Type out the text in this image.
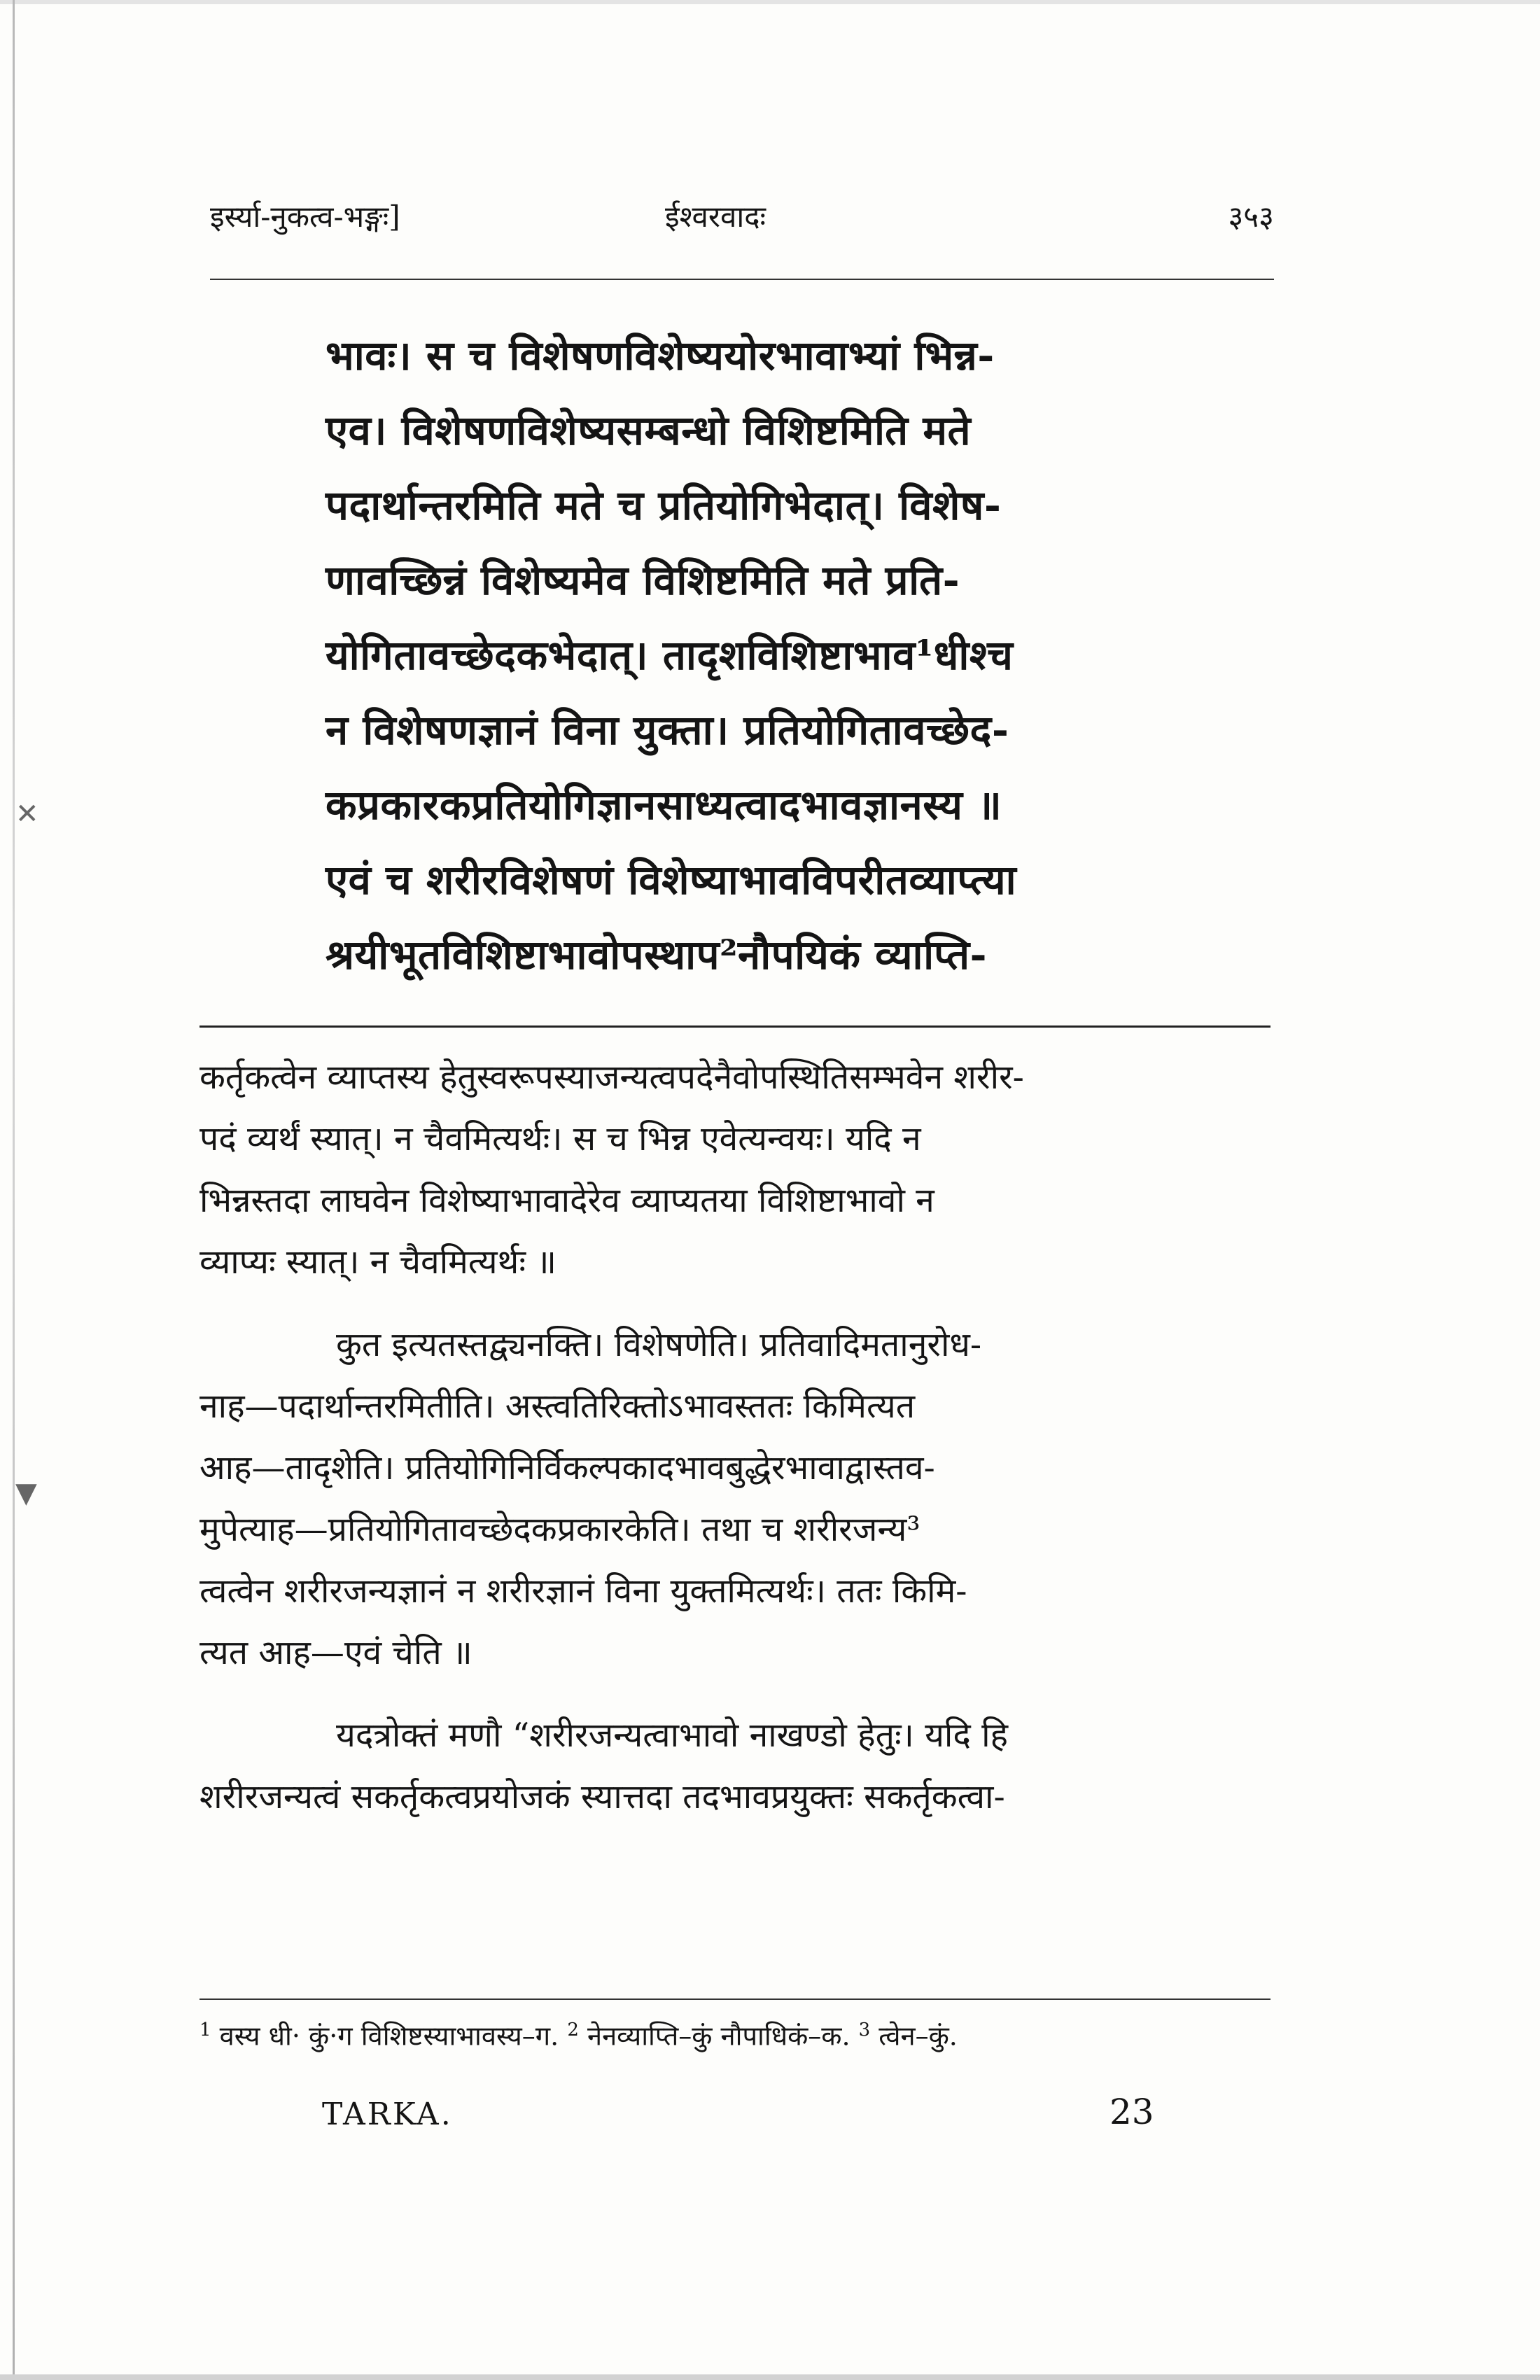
✕
▼
इर्स्या-नुकत्व-भङ्गः]	ईश्वरवादः	३५३
भावः। स च विशेषणविशेष्ययोरभावाभ्यां भिन्न-
एव। विशेषणविशेष्यसम्बन्धो विशिष्टमिति मते
पदार्थान्तरमिति मते च प्रतियोगिभेदात्। विशेष-
णावच्छिन्नं विशेष्यमेव विशिष्टमिति मते प्रति-
योगितावच्छेदकभेदात्। तादृशविशिष्टाभाव¹धीश्च
न विशेषणज्ञानं विना युक्ता। प्रतियोगितावच्छेद-
कप्रकारकप्रतियोगिज्ञानसाध्यत्वादभावज्ञानस्य ॥
एवं च शरीरविशेषणं विशेष्याभावविपरीतव्याप्त्या
श्रयीभूतविशिष्टाभावोपस्थाप²नौपयिकं व्याप्ति-
कर्तृकत्वेन व्याप्तस्य हेतुस्वरूपस्याजन्यत्वपदेनैवोपस्थितिसम्भवेन शरीर-
पदं व्यर्थं स्यात्। न चैवमित्यर्थः। स च भिन्न एवेत्यन्वयः। यदि न
भिन्नस्तदा लाघवेन विशेष्याभावादेरेव व्याप्यतया विशिष्टाभावो न
व्याप्यः स्यात्। न चैवमित्यर्थः ॥
कुत इत्यतस्तद्व्यनक्ति। विशेषणेति। प्रतिवादिमतानुरोध-
नाह—पदार्थान्तरमितीति। अस्त्वतिरिक्तोऽभावस्ततः किमित्यत
आह—तादृशेति। प्रतियोगिनिर्विकल्पकादभावबुद्धेरभावाद्वास्तव-
मुपेत्याह—प्रतियोगितावच्छेदकप्रकारकेति। तथा च शरीरजन्य³
त्वत्वेन शरीरजन्यज्ञानं न शरीरज्ञानं विना युक्तमित्यर्थः। ततः किमि-
त्यत आह—एवं चेति ॥
यदत्रोक्तं मणौ “शरीरजन्यत्वाभावो नाखण्डो हेतुः। यदि हि
शरीरजन्यत्वं सकर्तृकत्वप्रयोजकं स्यात्तदा तदभावप्रयुक्तः सकर्तृकत्वा-
$^1$ वस्य धी· कुं·ग विशिष्टस्याभावस्य–ग. $^2$ नेनव्याप्ति–कुं नौपाधिकं–क. $^3$ त्वेन–कुं.
TARKA.	23
